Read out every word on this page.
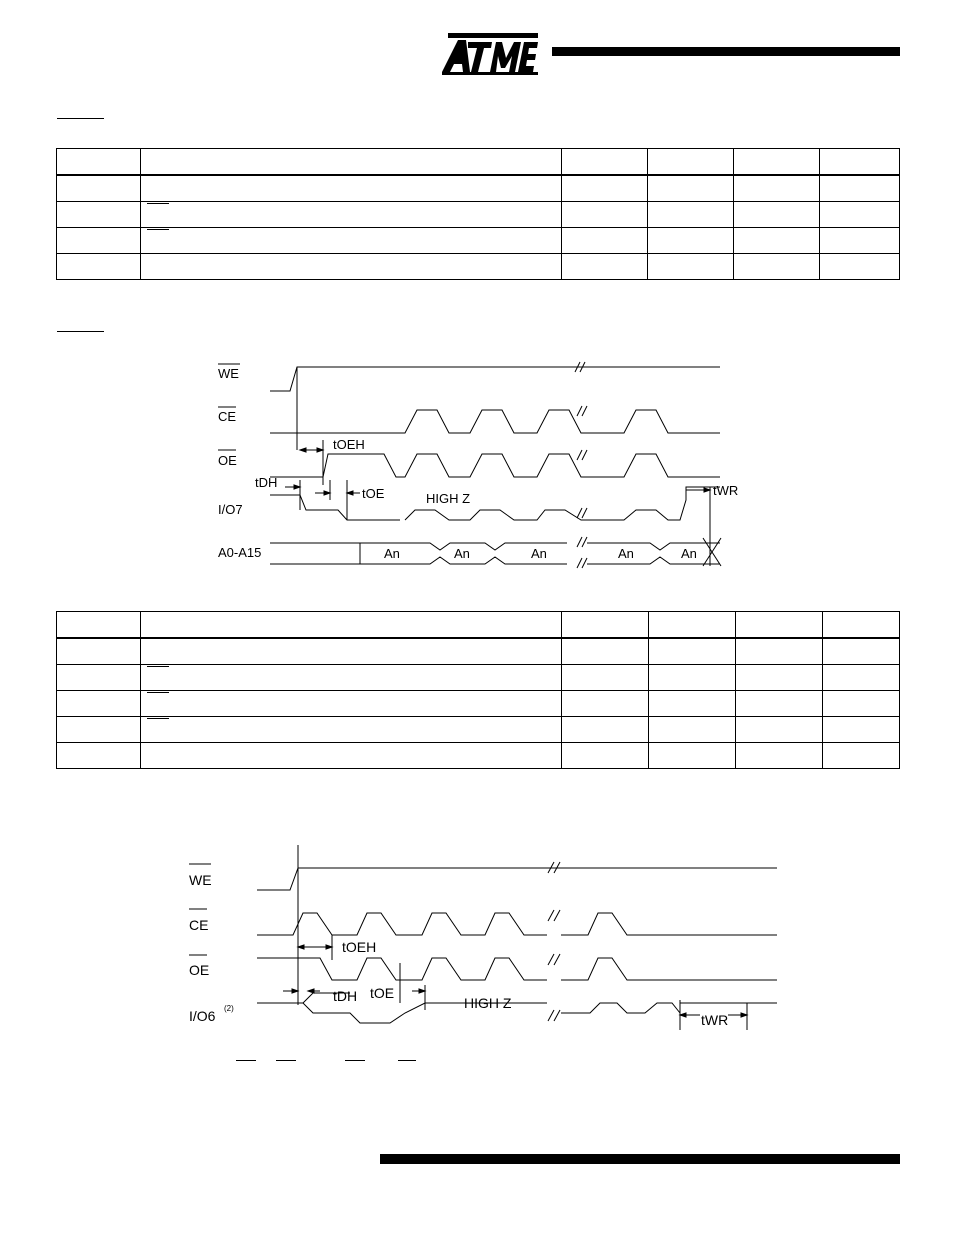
WE
CE
OE
I/O7
A0-A15
tOEH
tDH
tOE	HIGH Z
tWR
An	An	An	An	An

WE
CE
OE
I/O6 (2)
tOEH
tDH tOE
HIGH Z
tWR
